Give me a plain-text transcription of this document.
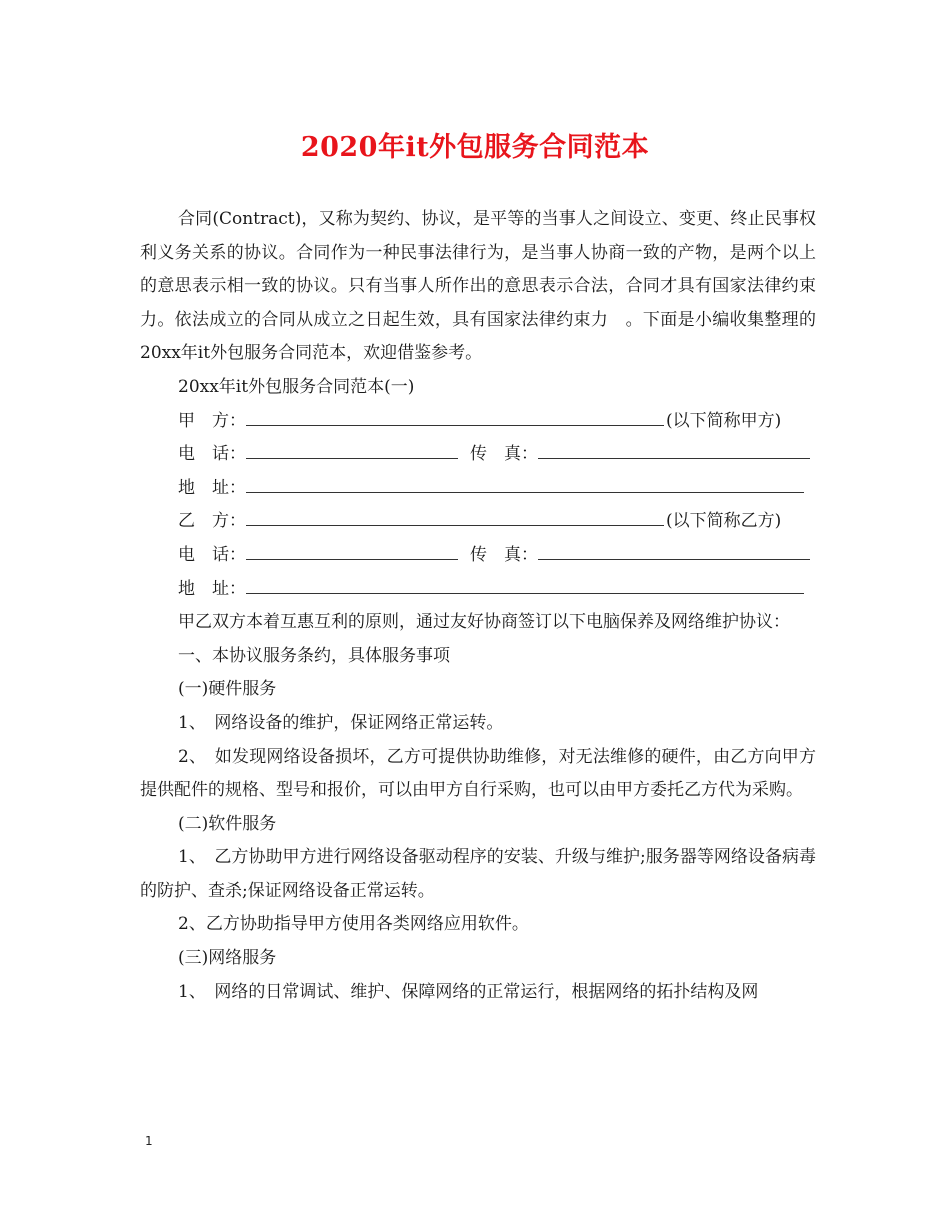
2020年it外包服务合同范本

合同(Contract)，又称为契约、协议，是平等的当事人之间设立、变更、终止民事权利义务关系的协议。合同作为一种民事法律行为，是当事人协商一致的产物，是两个以上的意思表示相一致的协议。只有当事人所作出的意思表示合法，合同才具有国家法律约束力。依法成立的合同从成立之日起生效，具有国家法律约束力　。下面是小编收集整理的20xx年it外包服务合同范本，欢迎借鉴参考。

20xx年it外包服务合同范本(一)

甲　方：	(以下简称甲方)
电　话：	传　真：
地　址：
乙　方：	(以下简称乙方)
电　话：	传　真：
地　址：

甲乙双方本着互惠互利的原则，通过友好协商签订以下电脑保养及网络维护协议：

一、本协议服务条约，具体服务事项

(一)硬件服务

1、　网络设备的维护，保证网络正常运转。

2、　如发现网络设备损坏，乙方可提供协助维修，对无法维修的硬件，由乙方向甲方提供配件的规格、型号和报价，可以由甲方自行采购，也可以由甲方委托乙方代为采购。

(二)软件服务

1、　乙方协助甲方进行网络设备驱动程序的安装、升级与维护;服务器等网络设备病毒的防护、查杀;保证网络设备正常运转。

2、乙方协助指导甲方使用各类网络应用软件。

(三)网络服务

1、　网络的日常调试、维护、保障网络的正常运行，根据网络的拓扑结构及网

1
